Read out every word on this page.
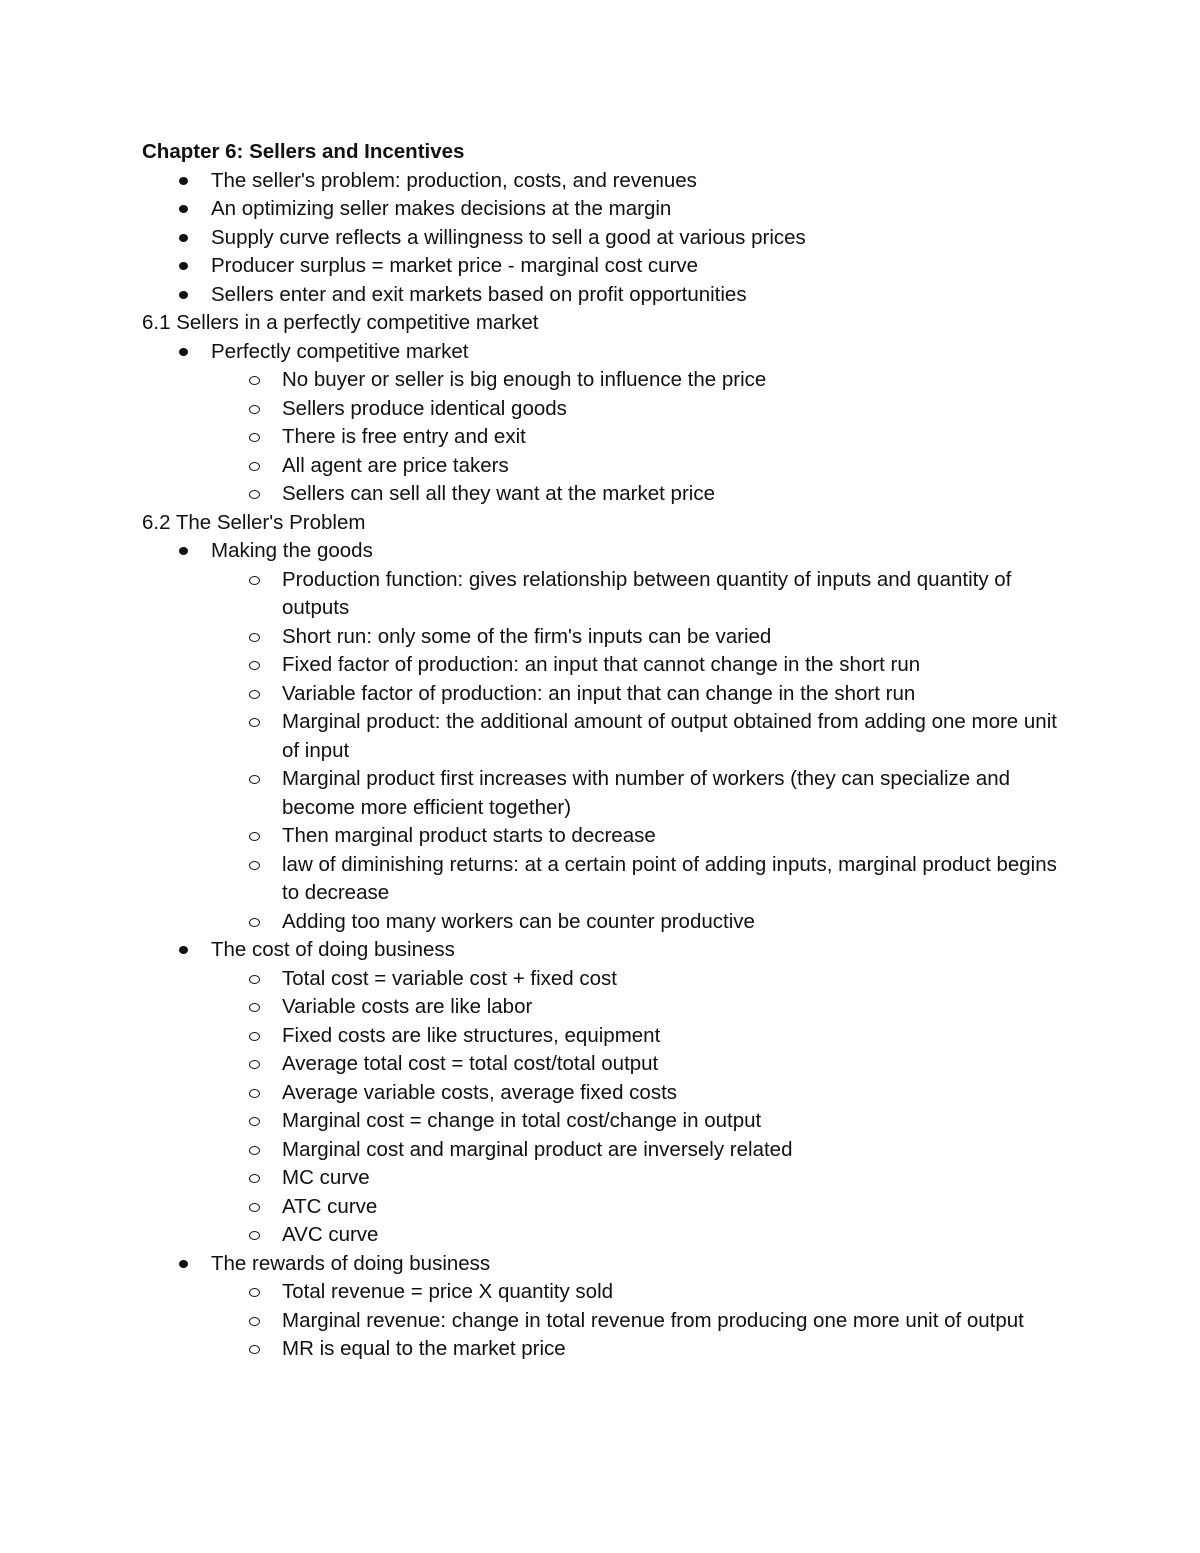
Chapter 6: Sellers and Incentives
The seller's problem: production, costs, and revenues
An optimizing seller makes decisions at the margin
Supply curve reflects a willingness to sell a good at various prices
Producer surplus = market price - marginal cost curve
Sellers enter and exit markets based on profit opportunities
6.1 Sellers in a perfectly competitive market
Perfectly competitive market
No buyer or seller is big enough to influence the price
Sellers produce identical goods
There is free entry and exit
All agent are price takers
Sellers can sell all they want at the market price
6.2 The Seller's Problem
Making the goods
Production function: gives relationship between quantity of inputs and quantity of outputs
Short run: only some of the firm's inputs can be varied
Fixed factor of production: an input that cannot change in the short run
Variable factor of production: an input that can change in the short run
Marginal product: the additional amount of output obtained from adding one more unit of input
Marginal product first increases with number of workers (they can specialize and become more efficient together)
Then marginal product starts to decrease
law of diminishing returns: at a certain point of adding inputs, marginal product begins to decrease
Adding too many workers can be counter productive
The cost of doing business
Total cost = variable cost + fixed cost
Variable costs are like labor
Fixed costs are like structures, equipment
Average total cost = total cost/total output
Average variable costs, average fixed costs
Marginal cost = change in total cost/change in output
Marginal cost and marginal product are inversely related
MC curve
ATC curve
AVC curve
The rewards of doing business
Total revenue = price X quantity sold
Marginal revenue: change in total revenue from producing one more unit of output
MR is equal to the market price
